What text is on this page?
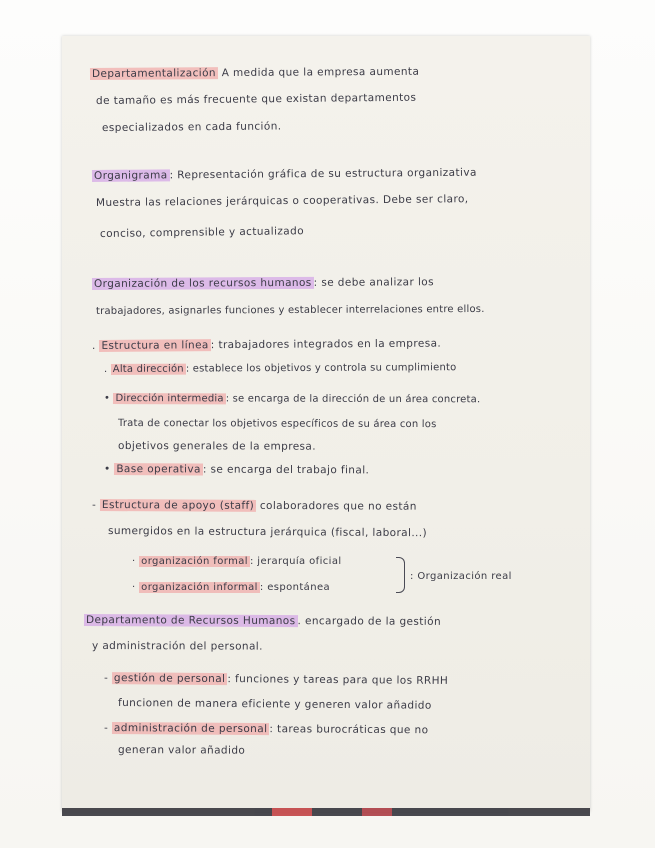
Departamentalización A medida que la empresa aumenta
de tamaño es más frecuente que existan departamentos
especializados en cada función.
Organigrama : Representación gráfica de su estructura organizativa
Muestra las relaciones jerárquicas o cooperativas. Debe ser claro,
conciso, comprensible y actualizado
Organización de los recursos humanos : se debe analizar los
trabajadores, asignarles funciones y establecer interrelaciones entre ellos.
. Estructura en línea : trabajadores integrados en la empresa.
. Alta dirección : establece los objetivos y controla su cumplimiento
• Dirección intermedia : se encarga de la dirección de un área concreta.
Trata de conectar los objetivos específicos de su área con los
objetivos generales de la empresa.
• Base operativa : se encarga del trabajo final.
- Estructura de apoyo (staff) colaboradores que no están
sumergidos en la estructura jerárquica (fiscal, laboral...)
· organización formal : jerarquía oficial
· organización informal : espontánea
: Organización real
Departamento de Recursos Humanos . encargado de la gestión
y administración del personal.
- gestión de personal : funciones y tareas para que los RRHH
funcionen de manera eficiente y generen valor añadido
- administración de personal : tareas burocráticas que no
generan valor añadido
